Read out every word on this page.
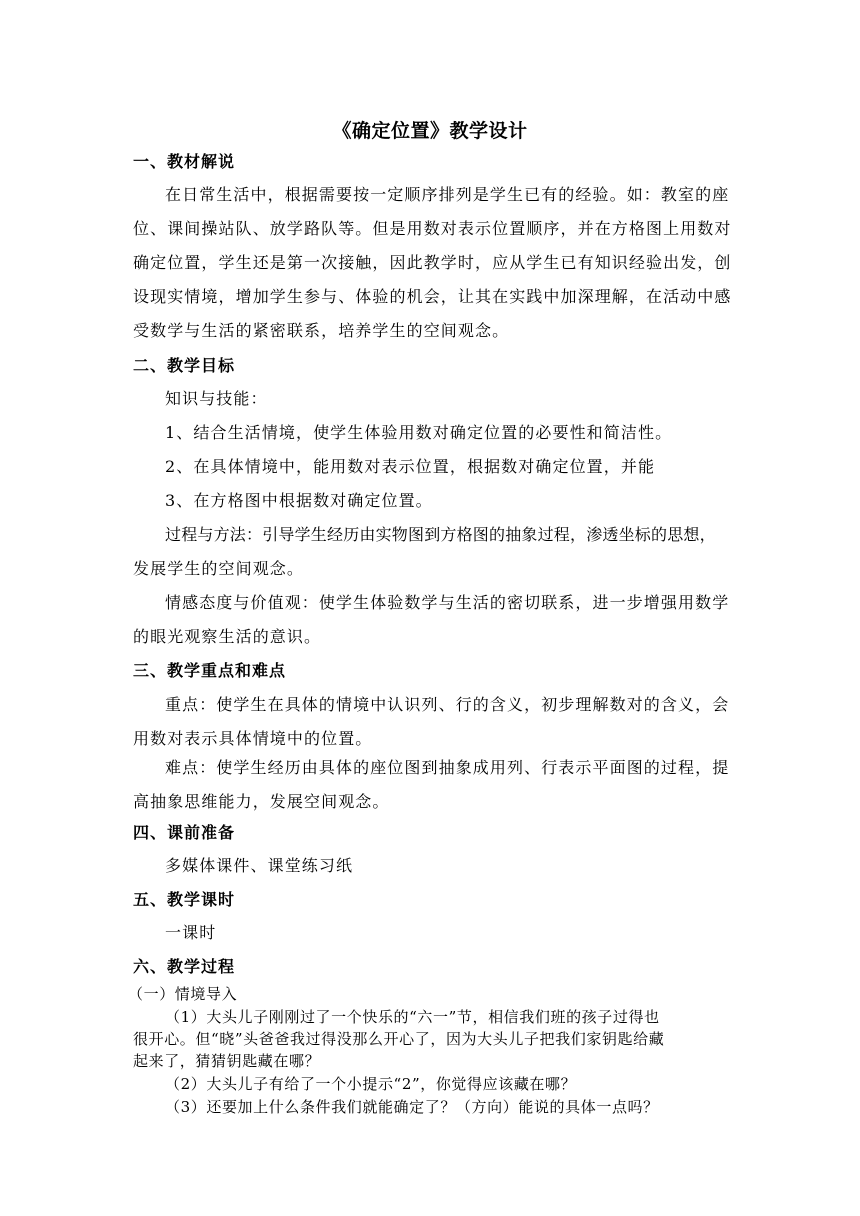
《确定位置》教学设计
一、教材解说
在日常生活中，根据需要按一定顺序排列是学生已有的经验。如：教室的座
位、课间操站队、放学路队等。但是用数对表示位置顺序，并在方格图上用数对
确定位置，学生还是第一次接触，因此教学时，应从学生已有知识经验出发，创
设现实情境，增加学生参与、体验的机会，让其在实践中加深理解，在活动中感
受数学与生活的紧密联系，培养学生的空间观念。
二、教学目标
知识与技能：
1、结合生活情境，使学生体验用数对确定位置的必要性和简洁性。
2、在具体情境中，能用数对表示位置，根据数对确定位置，并能
3、在方格图中根据数对确定位置。
过程与方法：引导学生经历由实物图到方格图的抽象过程，渗透坐标的思想，
发展学生的空间观念。
情感态度与价值观：使学生体验数学与生活的密切联系，进一步增强用数学
的眼光观察生活的意识。
三、教学重点和难点
重点：使学生在具体的情境中认识列、行的含义，初步理解数对的含义，会
用数对表示具体情境中的位置。
难点：使学生经历由具体的座位图到抽象成用列、行表示平面图的过程，提
高抽象思维能力，发展空间观念。
四、课前准备
多媒体课件、课堂练习纸
五、教学课时
一课时
六、教学过程
（一）情境导入
（1）大头儿子刚刚过了一个快乐的“六一”节，相信我们班的孩子过得也
很开心。但“晓”头爸爸我过得没那么开心了，因为大头儿子把我们家钥匙给藏
起来了，猜猜钥匙藏在哪？
（2）大头儿子有给了一个小提示“2”，你觉得应该藏在哪？
（3）还要加上什么条件我们就能确定了？（方向）能说的具体一点吗？
